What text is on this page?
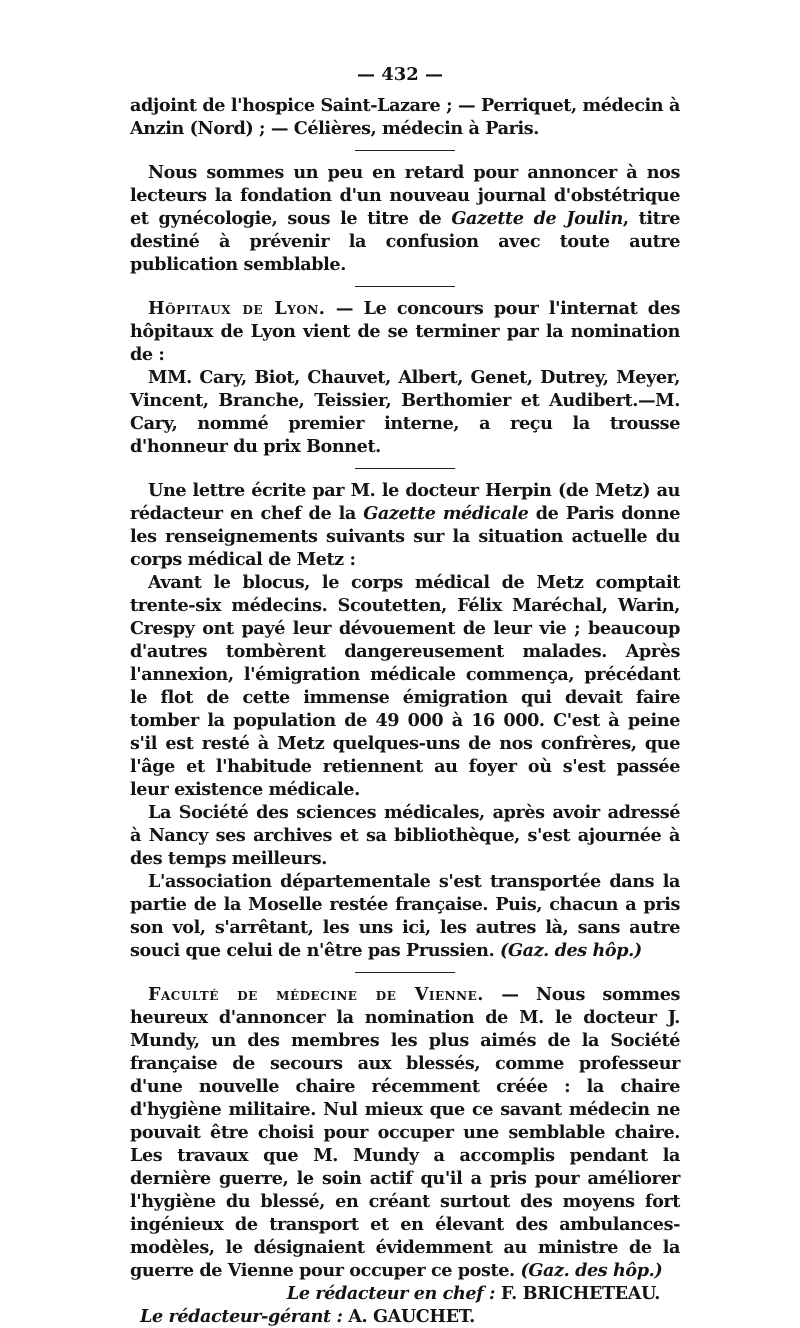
— 432 —

adjoint de l'hospice Saint-Lazare ; — Perriquet, médecin à Anzin (Nord) ; — Célières, médecin à Paris.

Nous sommes un peu en retard pour annoncer à nos lecteurs la fondation d'un nouveau journal d'obstétrique et gynécologie, sous le titre de Gazette de Joulin, titre destiné à prévenir la confusion avec toute autre publication semblable.

Hôpitaux de Lyon. — Le concours pour l'internat des hôpitaux de Lyon vient de se terminer par la nomination de :

MM. Cary, Biot, Chauvet, Albert, Genet, Dutrey, Meyer, Vincent, Branche, Teissier, Berthomier et Audibert.—M. Cary, nommé premier interne, a reçu la trousse d'honneur du prix Bonnet.

Une lettre écrite par M. le docteur Herpin (de Metz) au rédacteur en chef de la Gazette médicale de Paris donne les renseignements suivants sur la situation actuelle du corps médical de Metz :

Avant le blocus, le corps médical de Metz comptait trente-six médecins. Scoutetten, Félix Maréchal, Warin, Crespy ont payé leur dévouement de leur vie ; beaucoup d'autres tombèrent dangereusement malades. Après l'annexion, l'émigration médicale commença, précédant le flot de cette immense émigration qui devait faire tomber la population de 49 000 à 16 000. C'est à peine s'il est resté à Metz quelques-uns de nos confrères, que l'âge et l'habitude retiennent au foyer où s'est passée leur existence médicale.

La Société des sciences médicales, après avoir adressé à Nancy ses archives et sa bibliothèque, s'est ajournée à des temps meilleurs.

L'association départementale s'est transportée dans la partie de la Moselle restée française. Puis, chacun a pris son vol, s'arrêtant, les uns ici, les autres là, sans autre souci que celui de n'être pas Prussien. (Gaz. des hôp.)

Faculté de médecine de Vienne. — Nous sommes heureux d'annoncer la nomination de M. le docteur J. Mundy, un des membres les plus aimés de la Société française de secours aux blessés, comme professeur d'une nouvelle chaire récemment créée : la chaire d'hygiène militaire. Nul mieux que ce savant médecin ne pouvait être choisi pour occuper une semblable chaire. Les travaux que M. Mundy a accomplis pendant la dernière guerre, le soin actif qu'il a pris pour améliorer l'hygiène du blessé, en créant surtout des moyens fort ingénieux de transport et en élevant des ambulances-modèles, le désignaient évidemment au ministre de la guerre de Vienne pour occuper ce poste. (Gaz. des hôp.)

Le rédacteur en chef : F. BRICHETEAU.

Le rédacteur-gérant : A. GAUCHET.
